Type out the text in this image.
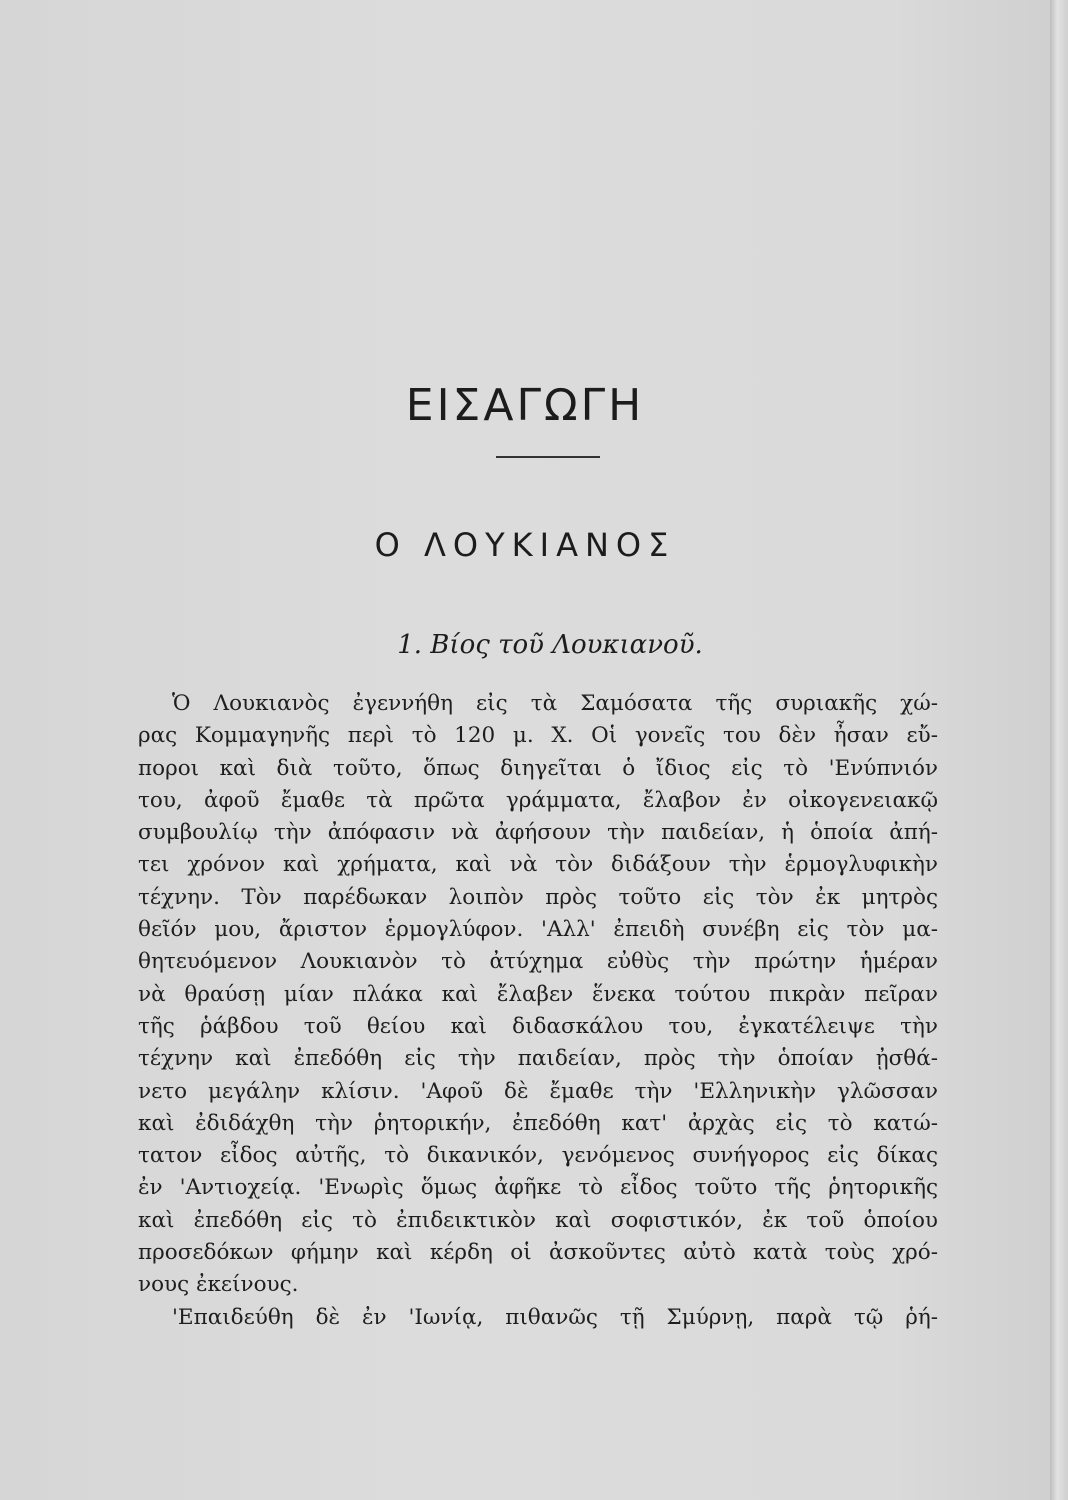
ΕΙΣΑΓΩΓΗ
Ο ΛΟΥΚΙΑΝΟΣ
1. Βίος τοῦ Λουκιανοῦ.
Ὁ Λουκιανὸς ἐγεννήθη εἰς τὰ Σαμόσατα τῆς συριακῆς χώ-
ρας Κομμαγηνῆς περὶ τὸ 120 μ. Χ. Οἱ γονεῖς του δὲν ἦσαν εὔ-
ποροι καὶ διὰ τοῦτο, ὅπως διηγεῖται ὁ ἴδιος εἰς τὸ 'Ενύπνιόν
του, ἀφοῦ ἔμαθε τὰ πρῶτα γράμματα, ἔλαβον ἐν οἰκογενειακῷ
συμβουλίῳ τὴν ἀπόφασιν νὰ ἀφήσουν τὴν παιδείαν, ἡ ὁποία ἀπή-
τει χρόνον καὶ χρήματα, καὶ νὰ τὸν διδάξουν τὴν ἑρμογλυφικὴν
τέχνην. Τὸν παρέδωκαν λοιπὸν πρὸς τοῦτο εἰς τὸν ἐκ μητρὸς
θεῖόν μου, ἄριστον ἑρμογλύφον. 'Αλλ' ἐπειδὴ συνέβη εἰς τὸν μα-
θητευόμενον Λουκιανὸν τὸ ἀτύχημα εὐθὺς τὴν πρώτην ἡμέραν
νὰ θραύσῃ μίαν πλάκα καὶ ἔλαβεν ἕνεκα τούτου πικρὰν πεῖραν
τῆς ῥάβδου τοῦ θείου καὶ διδασκάλου του, ἐγκατέλειψε τὴν
τέχνην καὶ ἐπεδόθη εἰς τὴν παιδείαν, πρὸς τὴν ὁποίαν ᾐσθά-
νετο μεγάλην κλίσιν. 'Αφοῦ δὲ ἔμαθε τὴν 'Ελληνικὴν γλῶσσαν
καὶ ἐδιδάχθη τὴν ῥητορικήν, ἐπεδόθη κατ' ἀρχὰς εἰς τὸ κατώ-
τατον εἶδος αὐτῆς, τὸ δικανικόν, γενόμενος συνήγορος εἰς δίκας
ἐν 'Αντιοχείᾳ. 'Ενωρὶς ὅμως ἀφῆκε τὸ εἶδος τοῦτο τῆς ῥητορικῆς
καὶ ἐπεδόθη εἰς τὸ ἐπιδεικτικὸν καὶ σοφιστικόν, ἐκ τοῦ ὁποίου
προσεδόκων φήμην καὶ κέρδη οἱ ἀσκοῦντες αὐτὸ κατὰ τοὺς χρό-
νους ἐκείνους.
'Επαιδεύθη δὲ ἐν 'Ιωνίᾳ, πιθανῶς τῇ Σμύρνῃ, παρὰ τῷ ῥή-
